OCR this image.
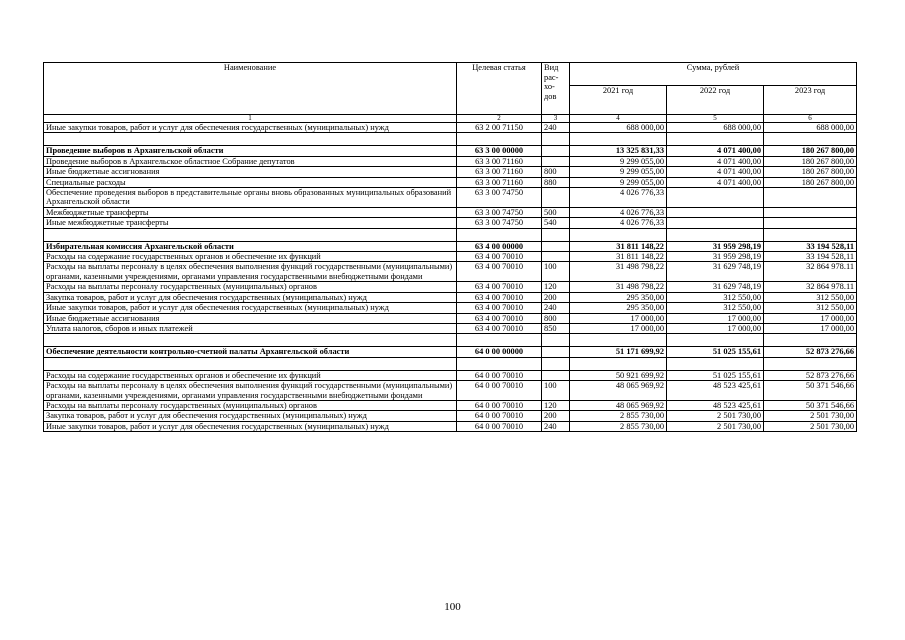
Наименование	Целевая статья	Вид рас-хо-дов	Сумма, рублей		
			2021 год	2022 год	2023 год
1	2	3	4	5	6
Иные закупки товаров, работ и услуг для обеспечения государственных (муниципальных) нужд	63 2 00 71150	240	688 000,00	688 000,00	688 000,00

Проведение выборов в Архангельской области	63 3 00 00000		13 325 831,33	4 071 400,00	180 267 800,00
Проведение выборов в Архангельское областное Собрание депутатов	63 3 00 71160		9 299 055,00	4 071 400,00	180 267 800,00
Иные бюджетные ассигнования	63 3 00 71160	800	9 299 055,00	4 071 400,00	180 267 800,00
Специальные расходы	63 3 00 71160	880	9 299 055,00	4 071 400,00	180 267 800,00
Обеспечение проведения выборов в представительные органы вновь образованных муниципальных образований Архангельской области	63 3 00 74750		4 026 776,33		
Межбюджетные трансферты	63 3 00 74750	500	4 026 776,33		
Иные межбюджетные трансферты	63 3 00 74750	540	4 026 776,33		

Избирательная комиссия Архангельской области	63 4 00 00000		31 811 148,22	31 959 298,19	33 194 528,11
Расходы на содержание государственных органов и обеспечение их функций	63 4 00 70010		31 811 148,22	31 959 298,19	33 194 528,11
Расходы на выплаты персоналу в целях обеспечения выполнения функций государственными (муниципальными) органами, казенными учреждениями, органами управления государственными внебюджетными фондами	63 4 00 70010	100	31 498 798,22	31 629 748,19	32 864 978.11
Расходы на выплаты персоналу государственных (муниципальных) органов	63 4 00 70010	120	31 498 798,22	31 629 748,19	32 864 978.11
Закупка товаров, работ и услуг для обеспечения государственных (муниципальных) нужд	63 4 00 70010	200	295 350,00	312 550,00	312 550,00
Иные закупки товаров, работ и услуг для обеспечения государственных (муниципальных) нужд	63 4 00 70010	240	295 350,00	312 550,00	312 550,00
Иные бюджетные ассигнования	63 4 00 70010	800	17 000,00	17 000,00	17 000,00
Уплата налогов, сборов и иных платежей	63 4 00 70010	850	17 000,00	17 000,00	17 000,00

Обеспечение деятельности контрольно-счетной палаты Архангельской области	64 0 00 00000		51 171 699,92	51 025 155,61	52 873 276,66

Расходы на содержание государственных органов и обеспечение их функций	64 0 00 70010		50 921 699,92	51 025 155,61	52 873 276,66
Расходы на выплаты персоналу в целях обеспечения выполнения функций государственными (муниципальными) органами, казенными учреждениями, органами управления государственными внебюджетными фондами	64 0 00 70010	100	48 065 969,92	48 523 425,61	50 371 546,66
Расходы на выплаты персоналу государственных (муниципальных) органов	64 0 00 70010	120	48 065 969,92	48 523 425,61	50 371 546,66
Закупка товаров, работ и услуг для обеспечения государственных (муниципальных) нужд	64 0 00 70010	200	2 855 730,00	2 501 730,00	2 501 730,00
Иные закупки товаров, работ и услуг для обеспечения государственных (муниципальных) нужд	64 0 00 70010	240	2 855 730,00	2 501 730,00	2 501 730,00
100
